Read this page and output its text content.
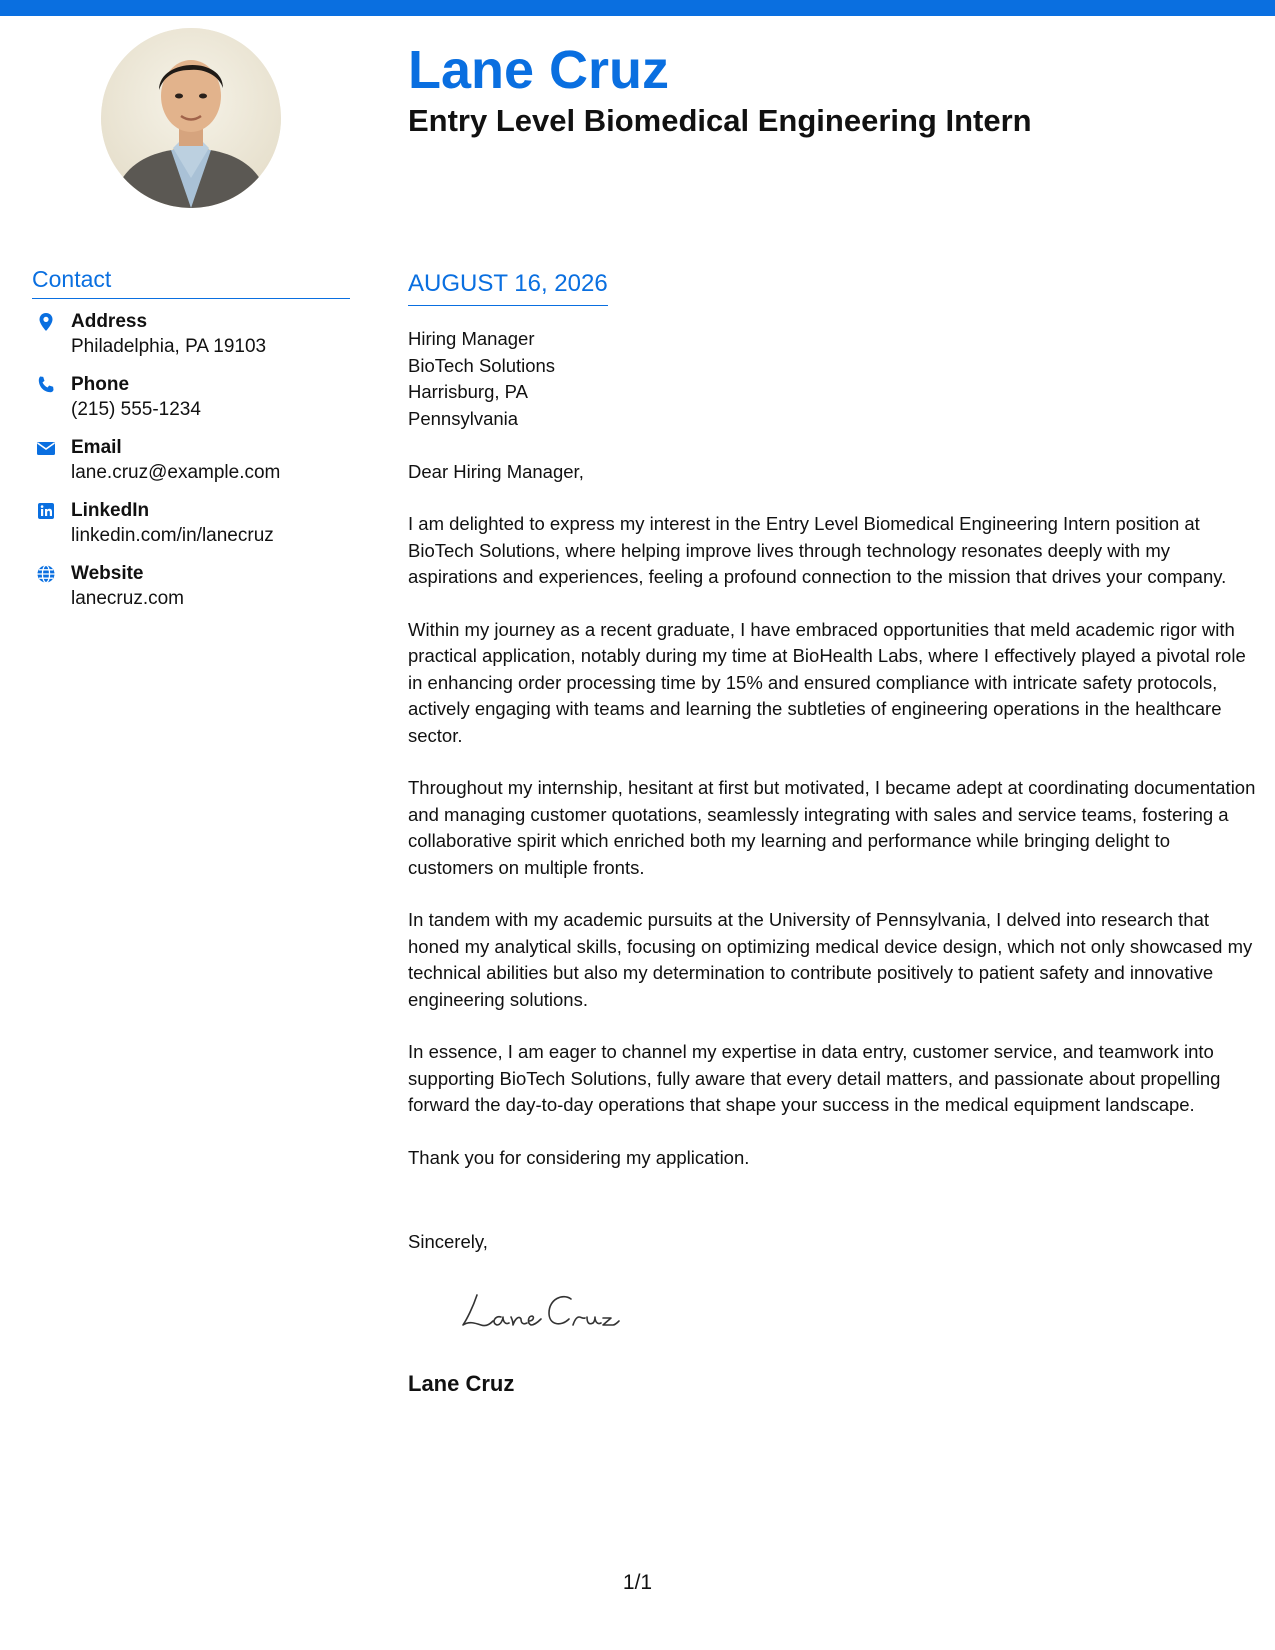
Lane Cruz
Entry Level Biomedical Engineering Intern
Contact
Address
Philadelphia, PA 19103
Phone
(215) 555-1234
Email
lane.cruz@example.com
LinkedIn
linkedin.com/in/lanecruz
Website
lanecruz.com
AUGUST 16, 2026
Hiring Manager
BioTech Solutions
Harrisburg, PA
Pennsylvania

Dear Hiring Manager,

I am delighted to express my interest in the Entry Level Biomedical Engineering Intern position at BioTech Solutions, where helping improve lives through technology resonates deeply with my aspirations and experiences, feeling a profound connection to the mission that drives your company.

Within my journey as a recent graduate, I have embraced opportunities that meld academic rigor with practical application, notably during my time at BioHealth Labs, where I effectively played a pivotal role in enhancing order processing time by 15% and ensured compliance with intricate safety protocols, actively engaging with teams and learning the subtleties of engineering operations in the healthcare sector.

Throughout my internship, hesitant at first but motivated, I became adept at coordinating documentation and managing customer quotations, seamlessly integrating with sales and service teams, fostering a collaborative spirit which enriched both my learning and performance while bringing delight to customers on multiple fronts.

In tandem with my academic pursuits at the University of Pennsylvania, I delved into research that honed my analytical skills, focusing on optimizing medical device design, which not only showcased my technical abilities but also my determination to contribute positively to patient safety and innovative engineering solutions.

In essence, I am eager to channel my expertise in data entry, customer service, and teamwork into supporting BioTech Solutions, fully aware that every detail matters, and passionate about propelling forward the day-to-day operations that shape your success in the medical equipment landscape.

Thank you for considering my application.

Sincerely,
Lane Cruz
1/1
